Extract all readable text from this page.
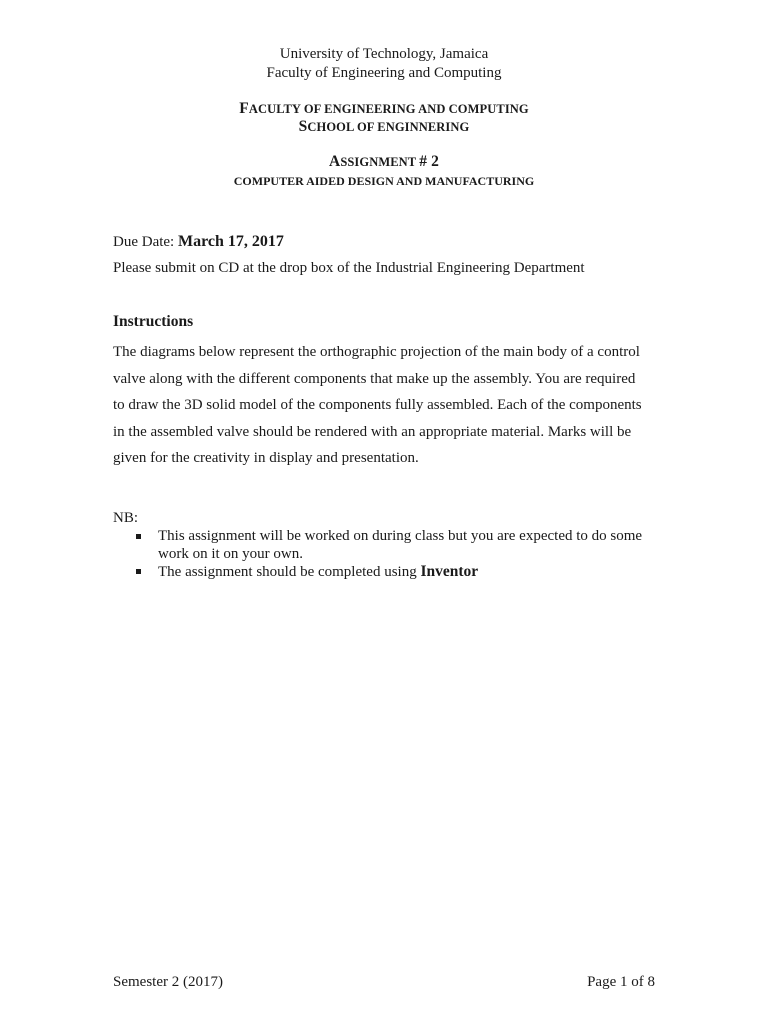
University of Technology, Jamaica
Faculty of Engineering and Computing
FACULTY OF ENGINEERING AND COMPUTING
SCHOOL OF ENGINNERING
ASSIGNMENT # 2
COMPUTER AIDED DESIGN AND MANUFACTURING
Due Date: March 17, 2017
Please submit on CD at the drop box of the Industrial Engineering Department
Instructions
The diagrams below represent the orthographic projection of the main body of a control
valve along with the different components that make up the assembly. You are required
to draw the 3D solid model of the components fully assembled. Each of the components
in the assembled valve should be rendered with an appropriate material. Marks will be
given for the creativity in display and presentation.
NB:
This assignment will be worked on during class but you are expected to do some
work on it on your own.
The assignment should be completed using Inventor
Semester 2 (2017)	Page 1 of 8
